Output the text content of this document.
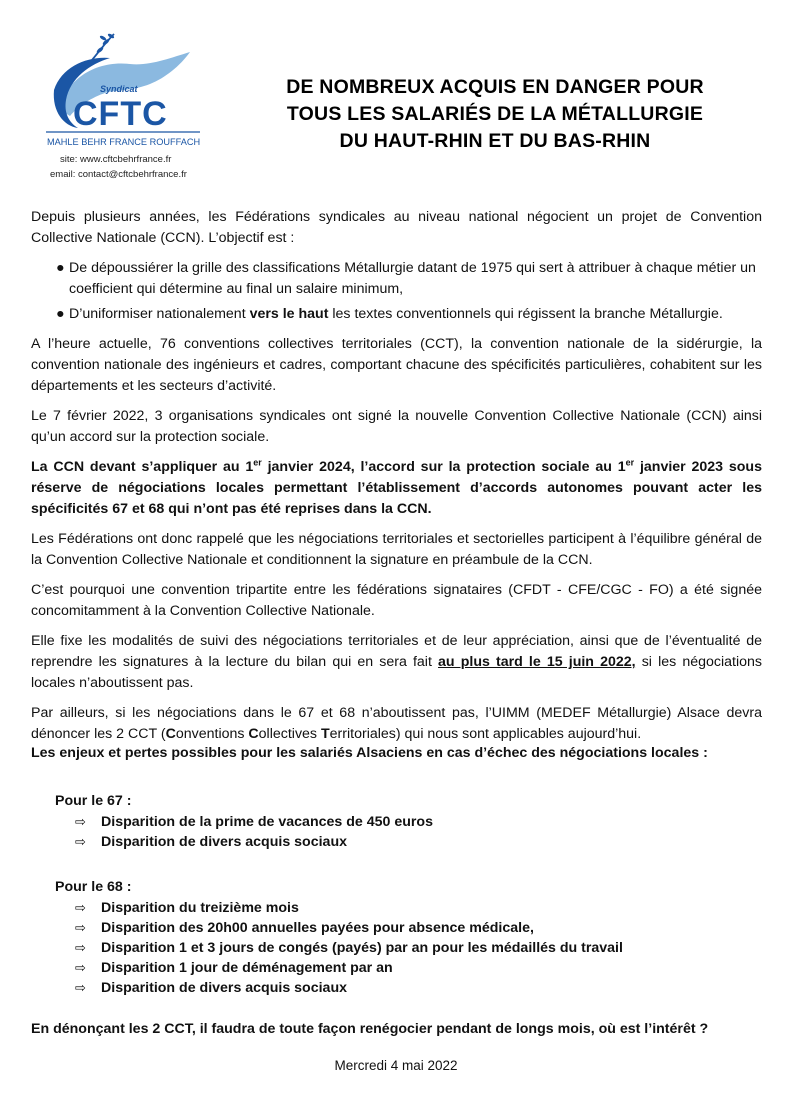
Syndicat
CFTC
MAHLE BEHR FRANCE ROUFFACH
site: www.cftcbehrfrance.fr
email: contact@cftcbehrfrance.fr
DE NOMBREUX ACQUIS EN DANGER POUR
TOUS LES SALARIÉS DE LA MÉTALLURGIE
DU HAUT-RHIN ET DU BAS-RHIN

Depuis plusieurs années, les Fédérations syndicales au niveau national négocient un projet de Convention Collective Nationale (CCN). L’objectif est :

● De dépoussiérer la grille des classifications Métallurgie datant de 1975 qui sert à attribuer à chaque métier un coefficient qui détermine au final un salaire minimum,
● D’uniformiser nationalement vers le haut les textes conventionnels qui régissent la branche Métallurgie.

A l’heure actuelle, 76 conventions collectives territoriales (CCT), la convention nationale de la sidérurgie, la convention nationale des ingénieurs et cadres, comportant chacune des spécificités particulières, cohabitent sur les départements et les secteurs d’activité.

Le 7 février 2022, 3 organisations syndicales ont signé la nouvelle Convention Collective Nationale (CCN) ainsi qu’un accord sur la protection sociale.

La CCN devant s’appliquer au 1er janvier 2024, l’accord sur la protection sociale au 1er janvier 2023 sous réserve de négociations locales permettant l’établissement d’accords autonomes pouvant acter les spécificités 67 et 68 qui n’ont pas été reprises dans la CCN.

Les Fédérations ont donc rappelé que les négociations territoriales et sectorielles participent à l’équilibre général de la Convention Collective Nationale et conditionnent la signature en préambule de la CCN.

C’est pourquoi une convention tripartite entre les fédérations signataires (CFDT - CFE/CGC - FO) a été signée concomitamment à la Convention Collective Nationale.

Elle fixe les modalités de suivi des négociations territoriales et de leur appréciation, ainsi que de l’éventualité de reprendre les signatures à la lecture du bilan qui en sera fait au plus tard le 15 juin 2022, si les négociations locales n’aboutissent pas.

Par ailleurs, si les négociations dans le 67 et 68 n’aboutissent pas, l’UIMM (MEDEF Métallurgie) Alsace devra dénoncer les 2 CCT (Conventions Collectives Territoriales) qui nous sont applicables aujourd’hui.

Les enjeux et pertes possibles pour les salariés Alsaciens en cas d’échec des négociations locales :
Pour le 67 :
⇨ Disparition de la prime de vacances de 450 euros
⇨ Disparition de divers acquis sociaux
Pour le 68 :
⇨ Disparition du treizième mois
⇨ Disparition des 20h00 annuelles payées pour absence médicale,
⇨ Disparition 1 et 3 jours de congés (payés) par an pour les médaillés du travail
⇨ Disparition 1 jour de déménagement par an
⇨ Disparition de divers acquis sociaux
En dénonçant les 2 CCT, il faudra de toute façon renégocier pendant de longs mois, où est l’intérêt ?
Mercredi 4 mai 2022
